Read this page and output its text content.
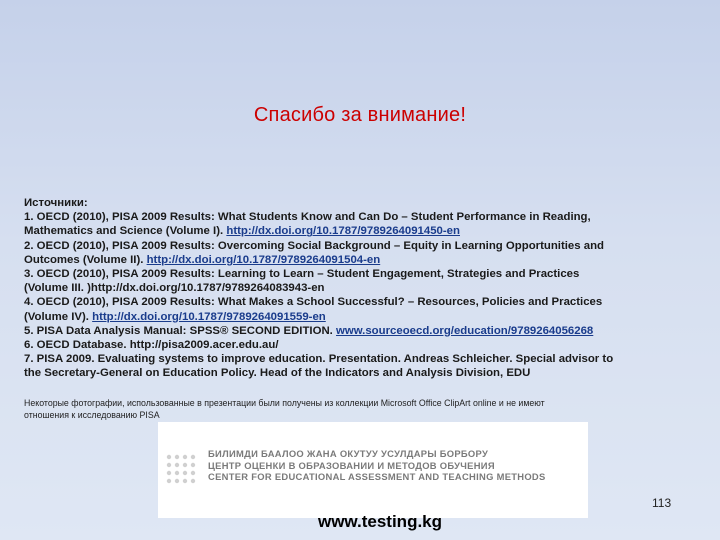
Спасибо за внимание!
Источники:
1. OECD (2010), PISA 2009 Results: What Students Know and Can Do – Student Performance in Reading,
Mathematics and Science (Volume I). http://dx.doi.org/10.1787/9789264091450-en
2. OECD (2010), PISA 2009 Results: Overcoming Social Background – Equity in Learning Opportunities and
Outcomes (Volume II). http://dx.doi.org/10.1787/9789264091504-en
3. OECD (2010), PISA 2009 Results: Learning to Learn – Student Engagement, Strategies and Practices
(Volume III. )http://dx.doi.org/10.1787/9789264083943-en
4. OECD (2010), PISA 2009 Results: What Makes a School Successful? – Resources, Policies and Practices
(Volume IV). http://dx.doi.org/10.1787/9789264091559-en
5. PISA Data Analysis Manual: SPSS® SECOND EDITION. www.sourceoecd.org/education/9789264056268
6. OECD Database. http://pisa2009.acer.edu.au/
7. PISA 2009. Evaluating systems to improve education. Presentation. Andreas Schleicher. Special advisor to
the Secretary-General on Education Policy. Head of the Indicators and Analysis Division, EDU
Некоторые фотографии, использованные в презентации были получены из коллекции Microsoft Office ClipArt online и не имеют
отношения к исследованию PISA
БИЛИМДИ БААЛОО ЖАНА ОКУТУУ УСУЛДАРЫ БОРБОРУ
ЦЕНТР ОЦЕНКИ В ОБРАЗОВАНИИ И МЕТОДОВ ОБУЧЕНИЯ
CENTER FOR EDUCATIONAL ASSESSMENT AND TEACHING METHODS
www.testing.kg
113
